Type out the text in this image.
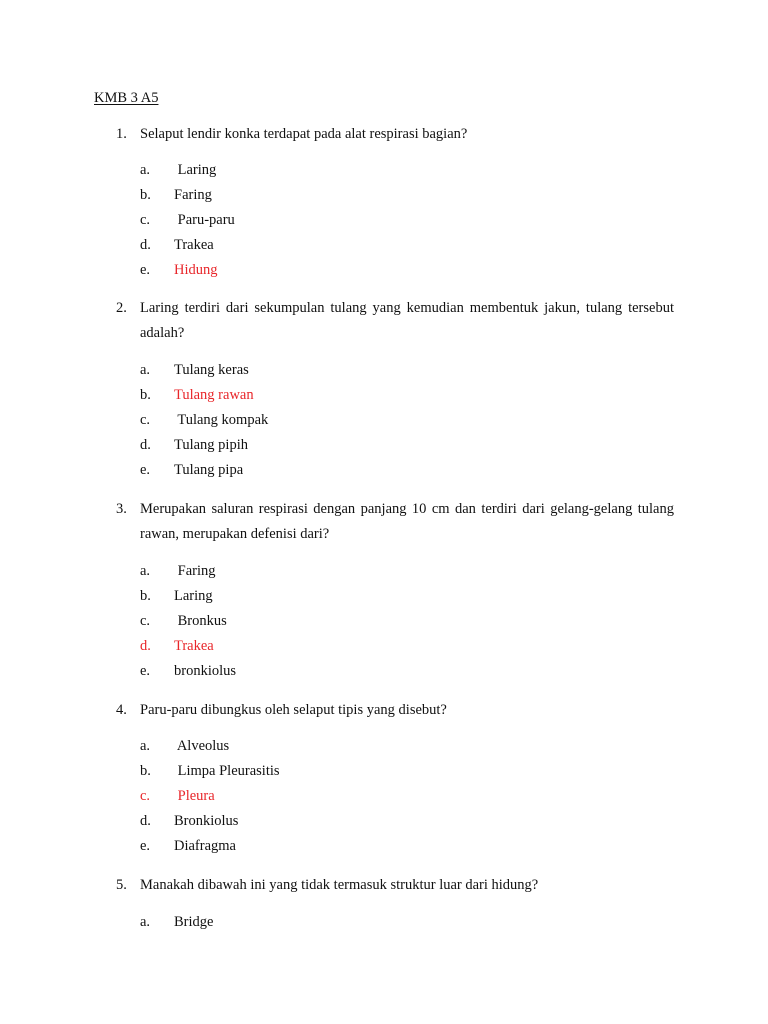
KMB 3 A5
1. Selaput lendir konka terdapat pada alat respirasi bagian?
a. Laring
b. Faring
c. Paru-paru
d. Trakea
e. Hidung
2. Laring terdiri dari sekumpulan tulang yang kemudian membentuk jakun, tulang tersebut adalah?
a. Tulang keras
b. Tulang rawan
c. Tulang kompak
d. Tulang pipih
e. Tulang pipa
3. Merupakan saluran respirasi dengan panjang 10 cm dan terdiri dari gelang-gelang tulang rawan, merupakan defenisi dari?
a. Faring
b. Laring
c. Bronkus
d. Trakea
e. bronkiolus
4. Paru-paru dibungkus oleh selaput tipis yang disebut?
a. Alveolus
b. Limpa Pleurasitis
c. Pleura
d. Bronkiolus
e. Diafragma
5. Manakah dibawah ini yang tidak termasuk struktur luar dari hidung?
a. Bridge
